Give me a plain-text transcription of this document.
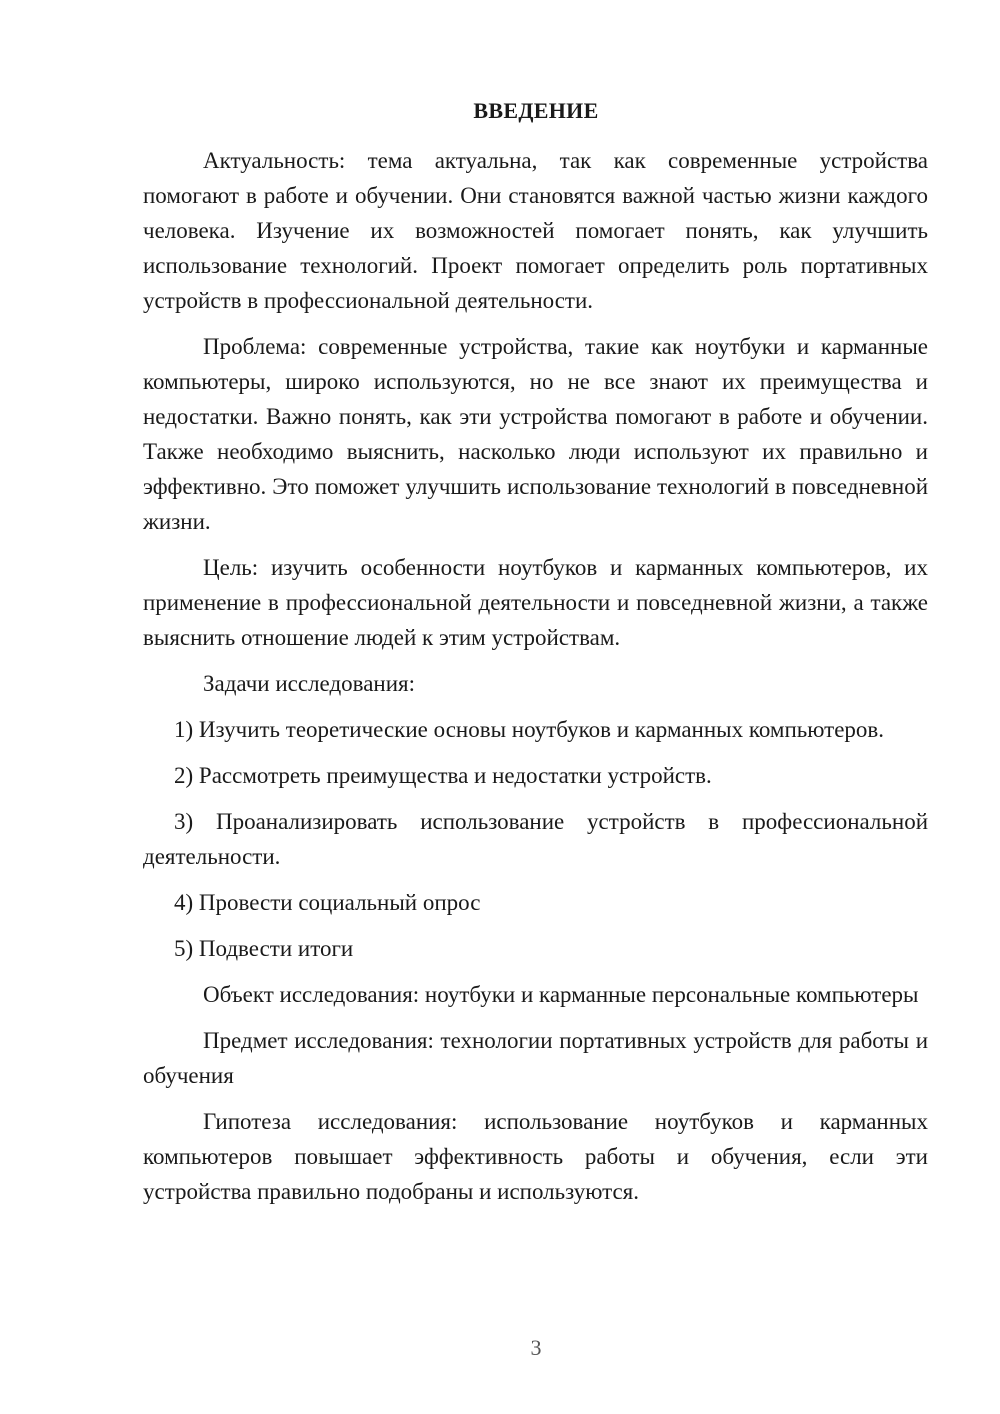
ВВЕДЕНИЕ

Актуальность: тема актуальна, так как современные устройства помогают в работе и обучении. Они становятся важной частью жизни каждого человека. Изучение их возможностей помогает понять, как улучшить использование технологий. Проект помогает определить роль портативных устройств в профессиональной деятельности.

Проблема: современные устройства, такие как ноутбуки и карманные компьютеры, широко используются, но не все знают их преимущества и недостатки. Важно понять, как эти устройства помогают в работе и обучении. Также необходимо выяснить, насколько люди используют их правильно и эффективно. Это поможет улучшить использование технологий в повседневной жизни.

Цель: изучить особенности ноутбуков и карманных компьютеров, их применение в профессиональной деятельности и повседневной жизни, а также выяснить отношение людей к этим устройствам.

Задачи исследования:

1) Изучить теоретические основы ноутбуков и карманных компьютеров.

2) Рассмотреть преимущества и недостатки устройств.

3) Проанализировать использование устройств в профессиональной деятельности.

4) Провести социальный опрос

5) Подвести итоги

Объект исследования: ноутбуки и карманные персональные компьютеры

Предмет исследования: технологии портативных устройств для работы и обучения

Гипотеза исследования: использование ноутбуков и карманных компьютеров повышает эффективность работы и обучения, если эти устройства правильно подобраны и используются.

3
